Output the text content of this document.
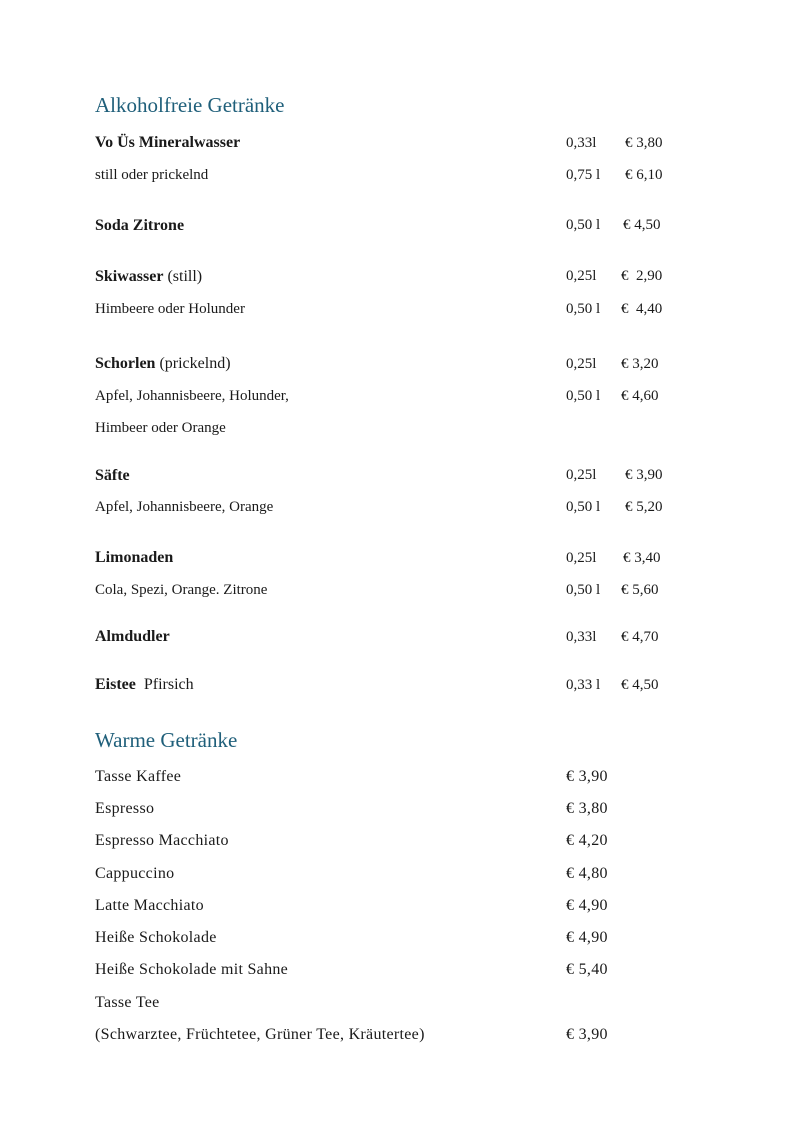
Alkoholfreie Getränke
Vo Üs Mineralwasser	0,33l € 3,80
still oder prickelnd	0,75 l € 6,10
Soda Zitrone	0,50 l € 4,50
Skiwasser (still)	0,25l €  2,90
Himbeere oder Holunder	0,50 l €  4,40
Schorlen (prickelnd)	0,25l € 3,20
Apfel, Johannisbeere, Holunder,	0,50 l € 4,60
Himbeer oder Orange
Säfte	0,25l € 3,90
Apfel, Johannisbeere, Orange	0,50 l € 5,20
Limonaden	0,25l € 3,40
Cola, Spezi, Orange. Zitrone	0,50 l € 5,60
Almdudler	0,33l € 4,70
Eistee  Pfirsich	0,33 l € 4,50
Warme Getränke
Tasse Kaffee	€ 3,90
Espresso	€ 3,80
Espresso Macchiato	€ 4,20
Cappuccino	€ 4,80
Latte Macchiato	€ 4,90
Heiße Schokolade	€ 4,90
Heiße Schokolade mit Sahne	€ 5,40
Tasse Tee
(Schwarztee, Früchtetee, Grüner Tee, Kräutertee)	€ 3,90
